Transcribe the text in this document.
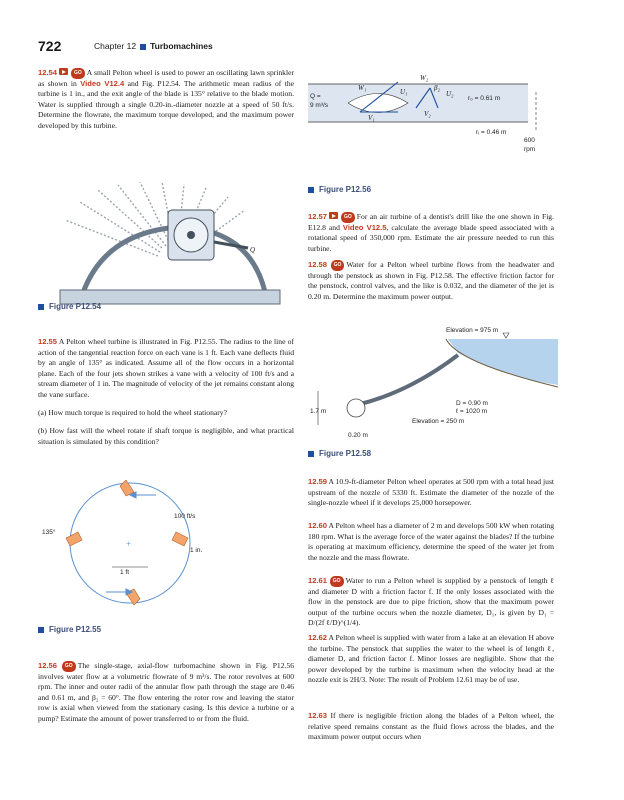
722	Chapter 12 Turbomachines

12.54	GO A small Pelton wheel is used to power an oscillating lawn sprinkler as shown in Video V12.4 and Fig. P12.54. The arithmetic mean radius of the turbine is 1 in., and the exit angle of the blade is 135° relative to the blade motion. Water is supplied through a single 0.20-in.-diameter nozzle at a speed of 50 ft/s. Determine the flowrate, the maximum torque developed, and the maximum power developed by this turbine.

Q
Figure P12.54

12.55 A Pelton wheel turbine is illustrated in Fig. P12.55. The radius to the line of action of the tangential reaction force on each vane is 1 ft. Each vane deflects fluid by an angle of 135° as indicated. Assume all of the flow occurs in a horizontal plane. Each of the four jets shown strikes a vane with a velocity of 100 ft/s and a stream diameter of 1 in. The magnitude of velocity of the jet remains constant along the vane surface.

(a) How much torque is required to hold the wheel stationary?

(b) How fast will the wheel rotate if shaft torque is negligible, and what practical situation is simulated by this condition?

135°
100 ft/s
1 in.
1 ft
+
Figure P12.55

12.56 GO The single-stage, axial-flow turbomachine shown in Fig. P12.56 involves water flow at a volumetric flowrate of 9 m³/s. The rotor revolves at 600 rpm. The inner and outer radii of the annular flow path through the stage are 0.46 and 0.61 m, and β₂ = 60°. The flow entering the rotor row and leaving the stator row is axial when viewed from the stationary casing. Is this device a turbine or a pump? Estimate the amount of power transferred to or from the fluid.

Q =
9 m³/s
W₂
W₁	U₁	U₂
V₁	V₂
β₂
r₀ = 0.61 m
rᵢ = 0.46 m
600
rpm
Figure P12.56

12.57	GO For an air turbine of a dentist's drill like the one shown in Fig. E12.8 and Video V12.5, calculate the average blade speed associated with a rotational speed of 350,000 rpm. Estimate the air pressure needed to run this turbine.

12.58 GO Water for a Pelton wheel turbine flows from the headwater and through the penstock as shown in Fig. P12.58. The effective friction factor for the penstock, control valves, and the like is 0.032, and the diameter of the jet is 0.20 m. Determine the maximum power output.

Elevation = 975 m
1.7 m
Elevation = 250 m
D = 0.90 m
ℓ = 1020 m
0.20 m
Figure P12.58

12.59 A 10.9-ft-diameter Pelton wheel operates at 500 rpm with a total head just upstream of the nozzle of 5330 ft. Estimate the diameter of the nozzle of the single-nozzle wheel if it develops 25,000 horsepower.

12.60 A Pelton wheel has a diameter of 2 m and develops 500 kW when rotating 180 rpm. What is the average force of the water against the blades? If the turbine is operating at maximum efficiency, determine the speed of the water jet from the nozzle and the mass flowrate.

12.61 GO Water to run a Pelton wheel is supplied by a penstock of length ℓ and diameter D with a friction factor f. If the only losses associated with the flow in the penstock are due to pipe friction, show that the maximum power output of the turbine occurs when the nozzle diameter, D₁, is given by D₁ = D/(2f ℓ/D)^(1/4).

12.62 A Pelton wheel is supplied with water from a lake at an elevation H above the turbine. The penstock that supplies the water to the wheel is of length ℓ, diameter D, and friction factor f. Minor losses are negligible. Show that the power developed by the turbine is maximum when the velocity head at the nozzle exit is 2H/3. Note: The result of Problem 12.61 may be of use.

12.63 If there is negligible friction along the blades of a Pelton wheel, the relative speed remains constant as the fluid flows across the blades, and the maximum power output occurs when
